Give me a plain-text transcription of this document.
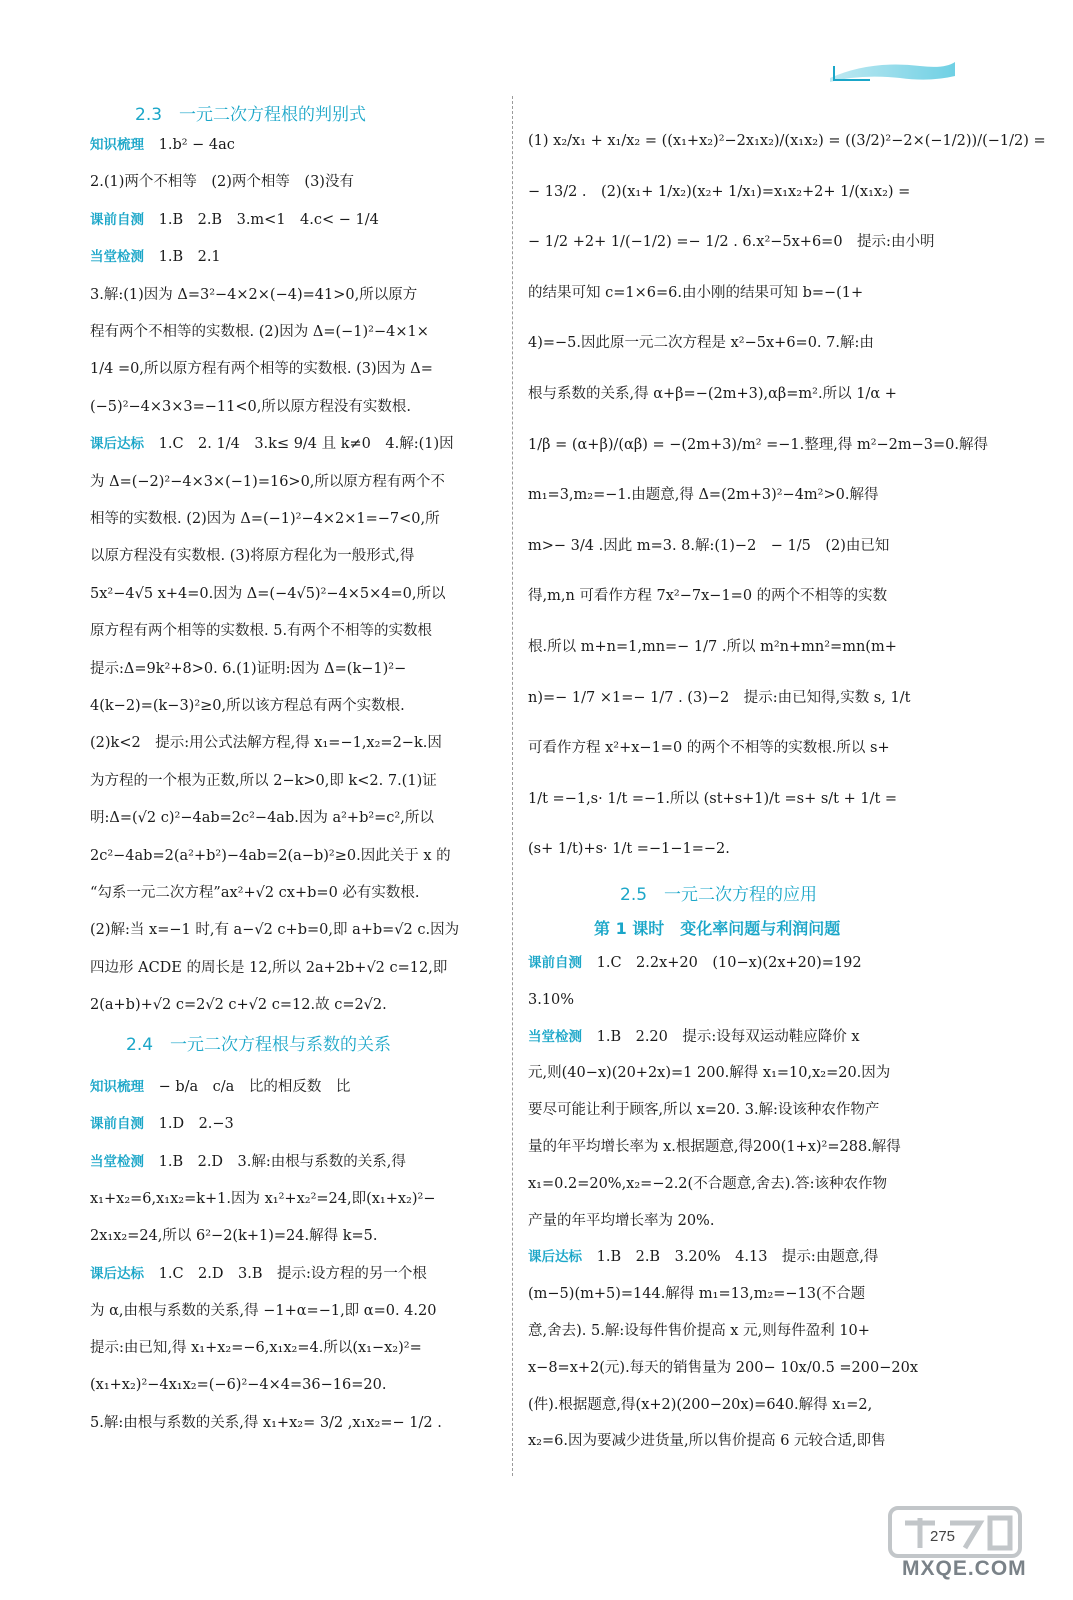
2.3　一元二次方程根的判别式
知识梳理 1.b² − 4ac
2.(1)两个不相等　(2)两个相等　(3)没有
课前自测 1.B　2.B　3.m<1　4.c< − 1/4
当堂检测 1.B　2.1
3.解:(1)因为 Δ=3²−4×2×(−4)=41>0,所以原方
程有两个不相等的实数根. (2)因为 Δ=(−1)²−4×1×
1/4 =0,所以原方程有两个相等的实数根. (3)因为 Δ=
(−5)²−4×3×3=−11<0,所以原方程没有实数根.
课后达标 1.C　2. 1/4　3.k≤ 9/4 且 k≠0　4.解:(1)因
为 Δ=(−2)²−4×3×(−1)=16>0,所以原方程有两个不
相等的实数根. (2)因为 Δ=(−1)²−4×2×1=−7<0,所
以原方程没有实数根. (3)将原方程化为一般形式,得
5x²−4√5 x+4=0.因为 Δ=(−4√5)²−4×5×4=0,所以
原方程有两个相等的实数根. 5.有两个不相等的实数根
提示:Δ=9k²+8>0. 6.(1)证明:因为 Δ=(k−1)²−
4(k−2)=(k−3)²≥0,所以该方程总有两个实数根.
(2)k<2　提示:用公式法解方程,得 x₁=−1,x₂=2−k.因
为方程的一个根为正数,所以 2−k>0,即 k<2. 7.(1)证
明:Δ=(√2 c)²−4ab=2c²−4ab.因为 a²+b²=c²,所以
2c²−4ab=2(a²+b²)−4ab=2(a−b)²≥0.因此关于 x 的
“勾系一元二次方程”ax²+√2 cx+b=0 必有实数根.
(2)解:当 x=−1 时,有 a−√2 c+b=0,即 a+b=√2 c.因为
四边形 ACDE 的周长是 12,所以 2a+2b+√2 c=12,即
2(a+b)+√2 c=2√2 c+√2 c=12.故 c=2√2.
2.4　一元二次方程根与系数的关系
知识梳理 − b/a　c/a　比的相反数　比
课前自测 1.D　2.−3
当堂检测 1.B　2.D　3.解:由根与系数的关系,得
x₁+x₂=6,x₁x₂=k+1.因为 x₁²+x₂²=24,即(x₁+x₂)²−
2x₁x₂=24,所以 6²−2(k+1)=24.解得 k=5.
课后达标 1.C　2.D　3.B　提示:设方程的另一个根
为 α,由根与系数的关系,得 −1+α=−1,即 α=0. 4.20
提示:由已知,得 x₁+x₂=−6,x₁x₂=4.所以(x₁−x₂)²=
(x₁+x₂)²−4x₁x₂=(−6)²−4×4=36−16=20.
5.解:由根与系数的关系,得 x₁+x₂= 3/2 ,x₁x₂=− 1/2 .
(1) x₂/x₁ + x₁/x₂ = ((x₁+x₂)²−2x₁x₂)/(x₁x₂) = ((3/2)²−2×(−1/2))/(−1/2) =
− 13/2 .　(2)(x₁+ 1/x₂)(x₂+ 1/x₁)=x₁x₂+2+ 1/(x₁x₂) =
− 1/2 +2+ 1/(−1/2) =− 1/2 . 6.x²−5x+6=0　提示:由小明
的结果可知 c=1×6=6.由小刚的结果可知 b=−(1+
4)=−5.因此原一元二次方程是 x²−5x+6=0. 7.解:由
根与系数的关系,得 α+β=−(2m+3),αβ=m².所以 1/α +
1/β = (α+β)/(αβ) = −(2m+3)/m² =−1.整理,得 m²−2m−3=0.解得
m₁=3,m₂=−1.由题意,得 Δ=(2m+3)²−4m²>0.解得
m>− 3/4 .因此 m=3. 8.解:(1)−2　− 1/5　(2)由已知
得,m,n 可看作方程 7x²−7x−1=0 的两个不相等的实数
根.所以 m+n=1,mn=− 1/7 .所以 m²n+mn²=mn(m+
n)=− 1/7 ×1=− 1/7 . (3)−2　提示:由已知得,实数 s, 1/t
可看作方程 x²+x−1=0 的两个不相等的实数根.所以 s+
1/t =−1,s· 1/t =−1.所以 (st+s+1)/t =s+ s/t + 1/t =
(s+ 1/t)+s· 1/t =−1−1=−2.
2.5　一元二次方程的应用
第 1 课时　变化率问题与利润问题
课前自测 1.C　2.2x+20　(10−x)(2x+20)=192
3.10%
当堂检测 1.B　2.20　提示:设每双运动鞋应降价 x
元,则(40−x)(20+2x)=1 200.解得 x₁=10,x₂=20.因为
要尽可能让利于顾客,所以 x=20. 3.解:设该种农作物产
量的年平均增长率为 x.根据题意,得200(1+x)²=288.解得
x₁=0.2=20%,x₂=−2.2(不合题意,舍去).答:该种农作物
产量的年平均增长率为 20%.
课后达标 1.B　2.B　3.20%　4.13　提示:由题意,得
(m−5)(m+5)=144.解得 m₁=13,m₂=−13(不合题
意,舍去). 5.解:设每件售价提高 x 元,则每件盈利 10+
x−8=x+2(元).每天的销售量为 200− 10x/0.5 =200−20x
(件).根据题意,得(x+2)(200−20x)=640.解得 x₁=2,
x₂=6.因为要减少进货量,所以售价提高 6 元较合适,即售
275
MXQE.COM
